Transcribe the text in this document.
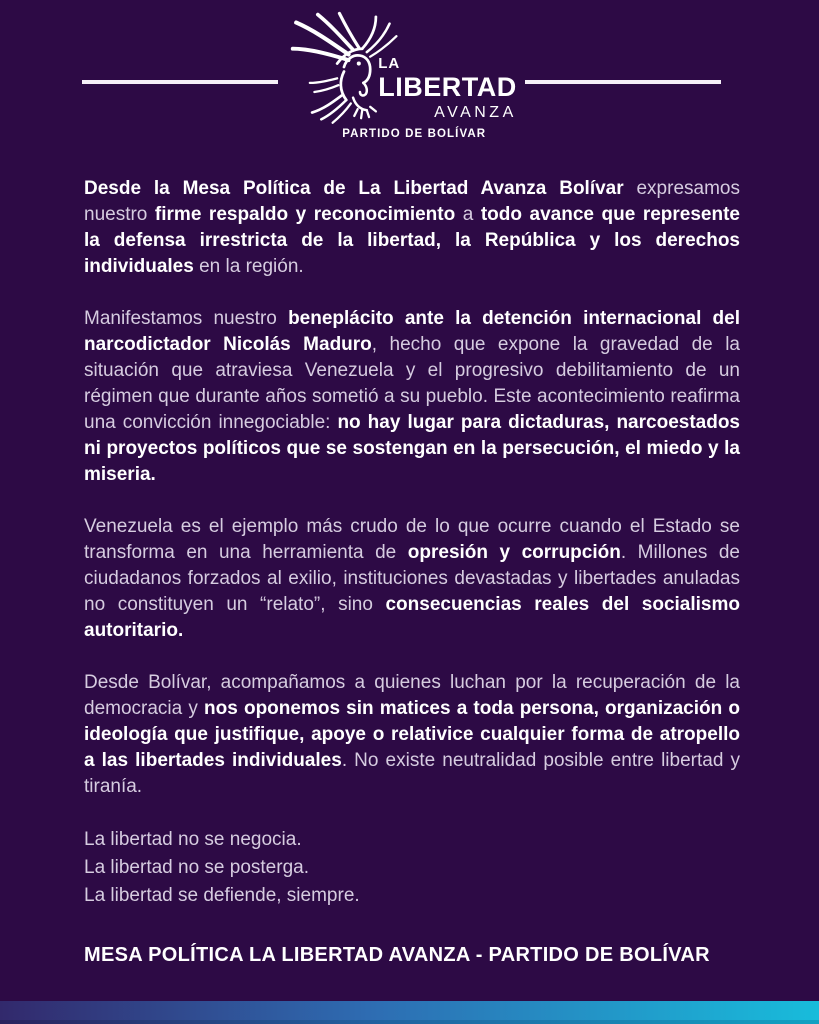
LA
LIBERTAD
AVANZA
PARTIDO DE BOLÍVAR

Desde la Mesa Política de La Libertad Avanza Bolívar expresamos nuestro firme respaldo y reconocimiento a todo avance que represente la defensa irrestricta de la libertad, la República y los derechos individuales en la región.

Manifestamos nuestro beneplácito ante la detención internacional del narcodictador Nicolás Maduro, hecho que expone la gravedad de la situación que atraviesa Venezuela y el progresivo debilitamiento de un régimen que durante años sometió a su pueblo. Este acontecimiento reafirma una convicción innegociable: no hay lugar para dictaduras, narcoestados ni proyectos políticos que se sostengan en la persecución, el miedo y la miseria.

Venezuela es el ejemplo más crudo de lo que ocurre cuando el Estado se transforma en una herramienta de opresión y corrupción. Millones de ciudadanos forzados al exilio, instituciones devastadas y libertades anuladas no constituyen un “relato”, sino consecuencias reales del socialismo autoritario.

Desde Bolívar, acompañamos a quienes luchan por la recuperación de la democracia y nos oponemos sin matices a toda persona, organización o ideología que justifique, apoye o relativice cualquier forma de atropello a las libertades individuales. No existe neutralidad posible entre libertad y tiranía.

La libertad no se negocia.

La libertad no se posterga.

La libertad se defiende, siempre.

MESA POLÍTICA LA LIBERTAD AVANZA - PARTIDO DE BOLÍVAR
